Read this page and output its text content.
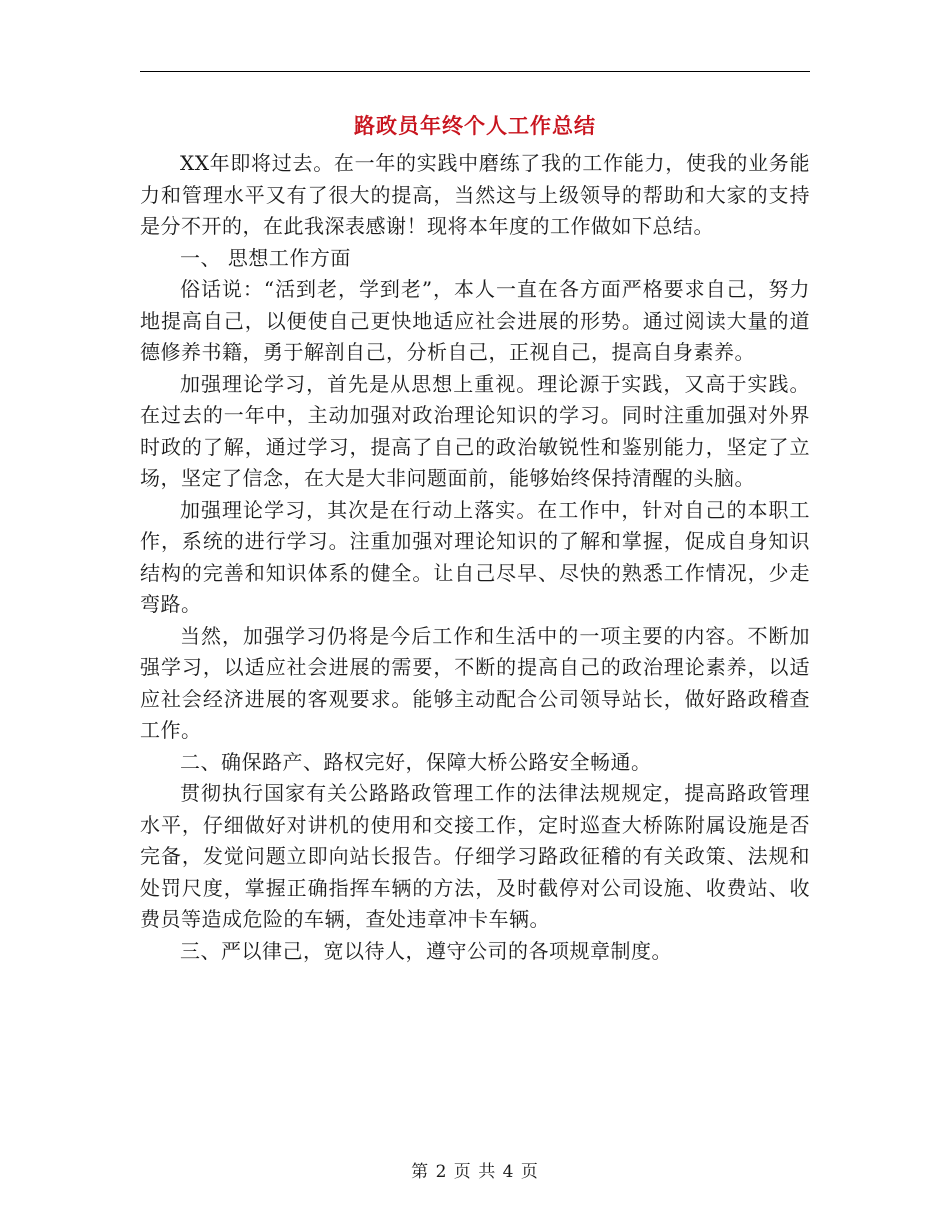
路政员年终个人工作总结

XX年即将过去。在一年的实践中磨练了我的工作能力，使我的业务能力和管理水平又有了很大的提高，当然这与上级领导的帮助和大家的支持是分不开的，在此我深表感谢！现将本年度的工作做如下总结。

一、 思想工作方面

俗话说：“活到老，学到老”，本人一直在各方面严格要求自己，努力地提高自己，以便使自己更快地适应社会进展的形势。通过阅读大量的道德修养书籍，勇于解剖自己，分析自己，正视自己，提高自身素养。

加强理论学习，首先是从思想上重视。理论源于实践，又高于实践。在过去的一年中，主动加强对政治理论知识的学习。同时注重加强对外界时政的了解，通过学习，提高了自己的政治敏锐性和鉴别能力，坚定了立场，坚定了信念，在大是大非问题面前，能够始终保持清醒的头脑。

加强理论学习，其次是在行动上落实。在工作中，针对自己的本职工作，系统的进行学习。注重加强对理论知识的了解和掌握，促成自身知识结构的完善和知识体系的健全。让自己尽早、尽快的熟悉工作情况，少走弯路。

当然，加强学习仍将是今后工作和生活中的一项主要的内容。不断加强学习，以适应社会进展的需要，不断的提高自己的政治理论素养，以适应社会经济进展的客观要求。能够主动配合公司领导站长，做好路政稽查工作。

二、确保路产、路权完好，保障大桥公路安全畅通。

贯彻执行国家有关公路路政管理工作的法律法规规定，提高路政管理水平，仔细做好对讲机的使用和交接工作，定时巡查大桥陈附属设施是否完备，发觉问题立即向站长报告。仔细学习路政征稽的有关政策、法规和处罚尺度，掌握正确指挥车辆的方法，及时截停对公司设施、收费站、收费员等造成危险的车辆，查处违章冲卡车辆。

三、严以律己，宽以待人，遵守公司的各项规章制度。

第 2 页 共 4 页
